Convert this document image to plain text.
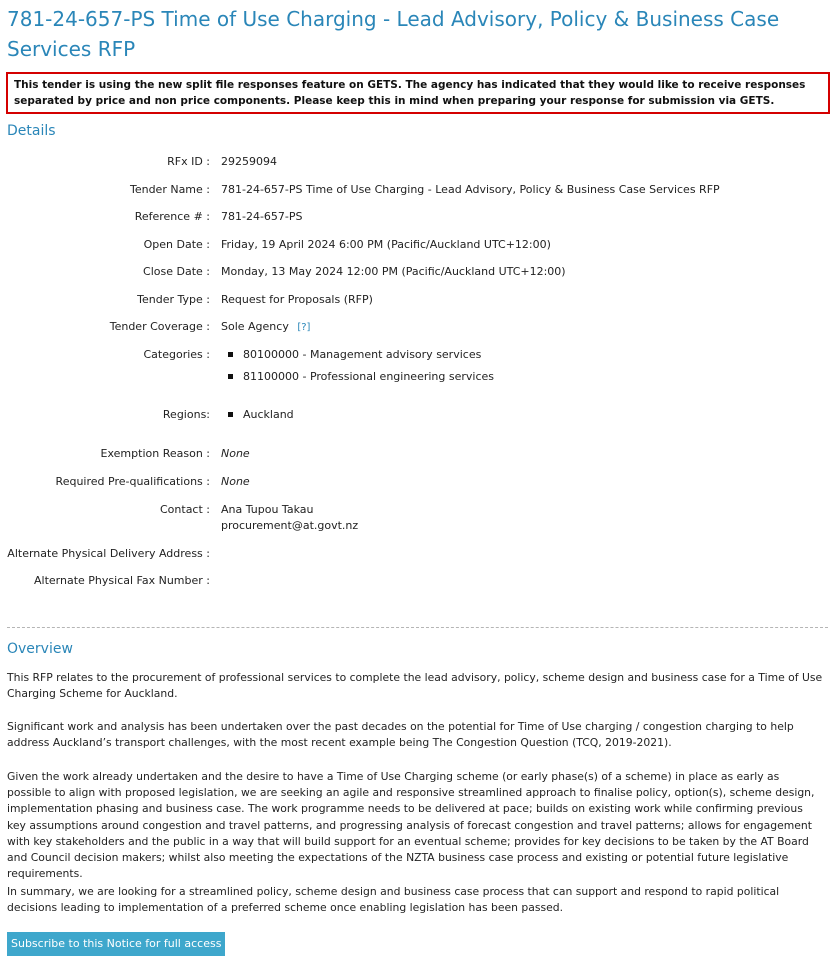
781-24-657-PS Time of Use Charging - Lead Advisory, Policy & Business Case Services RFP
This tender is using the new split file responses feature on GETS. The agency has indicated that they would like to receive responses separated by price and non price components. Please keep this in mind when preparing your response for submission via GETS.
Details
RFx ID : 29259094
Tender Name : 781-24-657-PS Time of Use Charging - Lead Advisory, Policy & Business Case Services RFP
Reference # : 781-24-657-PS
Open Date : Friday, 19 April 2024 6:00 PM (Pacific/Auckland UTC+12:00)
Close Date : Monday, 13 May 2024 12:00 PM (Pacific/Auckland UTC+12:00)
Tender Type : Request for Proposals (RFP)
Tender Coverage : Sole Agency [?]
Categories :	80100000 - Management advisory services
81100000 - Professional engineering services
Regions:	Auckland
Exemption Reason : None
Required Pre-qualifications : None
Contact : Ana Tupou Takau
procurement@at.govt.nz
Alternate Physical Delivery Address :
Alternate Physical Fax Number :
Overview

This RFP relates to the procurement of professional services to complete the lead advisory, policy, scheme design and business case for a Time of Use Charging Scheme for Auckland.

Significant work and analysis has been undertaken over the past decades on the potential for Time of Use charging / congestion charging to help address Auckland’s transport challenges, with the most recent example being The Congestion Question (TCQ, 2019-2021).

Given the work already undertaken and the desire to have a Time of Use Charging scheme (or early phase(s) of a scheme) in place as early as possible to align with proposed legislation, we are seeking an agile and responsive streamlined approach to finalise policy, option(s), scheme design, implementation phasing and business case. The work programme needs to be delivered at pace; builds on existing work while confirming previous key assumptions around congestion and travel patterns, and progressing analysis of forecast congestion and travel patterns; allows for engagement with key stakeholders and the public in a way that will build support for an eventual scheme; provides for key decisions to be taken by the AT Board and Council decision makers; whilst also meeting the expectations of the NZTA business case process and existing or potential future legislative requirements.

In summary, we are looking for a streamlined policy, scheme design and business case process that can support and respond to rapid political decisions leading to implementation of a preferred scheme once enabling legislation has been passed.

Subscribe to this Notice for full access
